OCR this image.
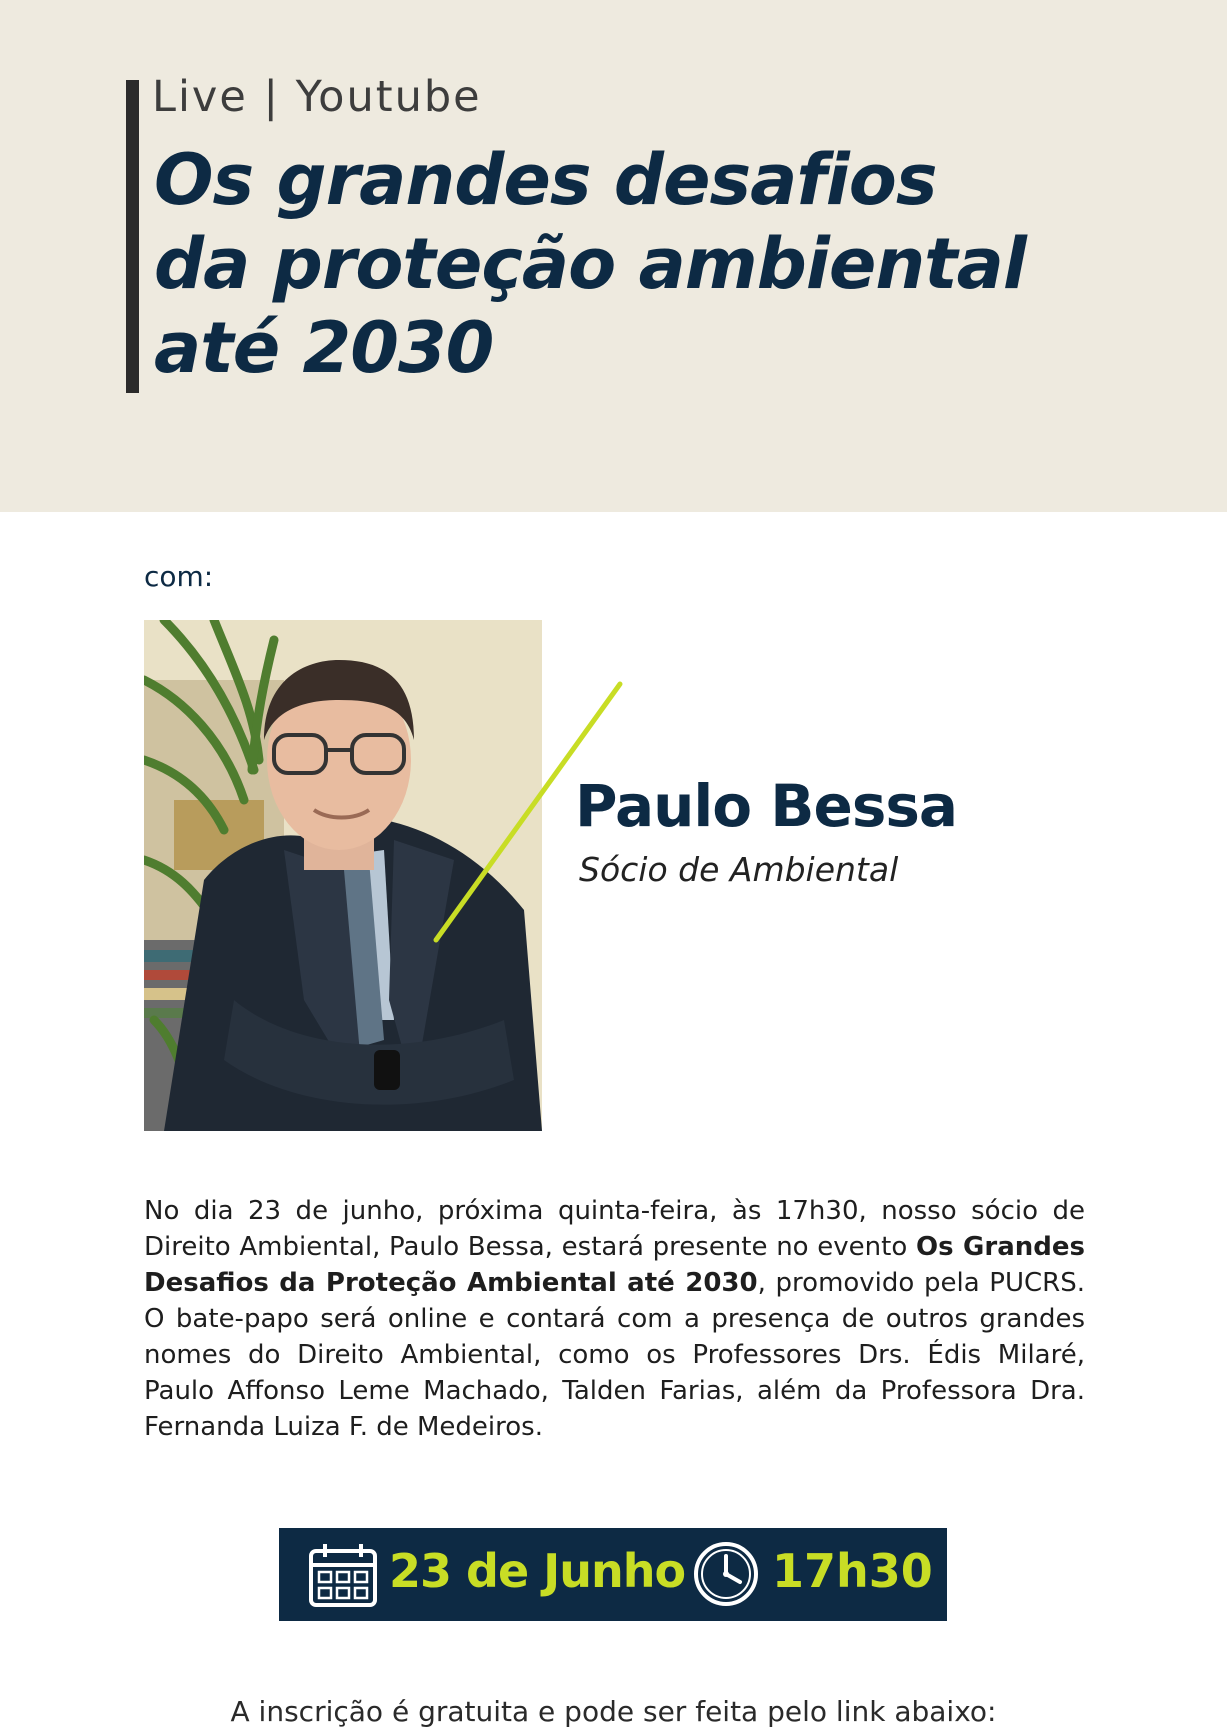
Live | Youtube
Os grandes desafios
da proteção ambiental
até 2030
com:
Paulo Bessa
Sócio de Ambiental
No dia 23 de junho, próxima quinta-feira, às 17h30, nosso sócio de Direito Ambiental, Paulo Bessa, estará presente no evento Os Grandes Desafios da Proteção Ambiental até 2030, promovido pela PUCRS. O bate-papo será online e contará com a presença de outros grandes nomes do Direito Ambiental, como os Professores Drs. Édis Milaré, Paulo Affonso Leme Machado, Talden Farias, além da Professora Dra. Fernanda Luiza F. de Medeiros.
23 de Junho 17h30
A inscrição é gratuita e pode ser feita pelo link abaixo:
